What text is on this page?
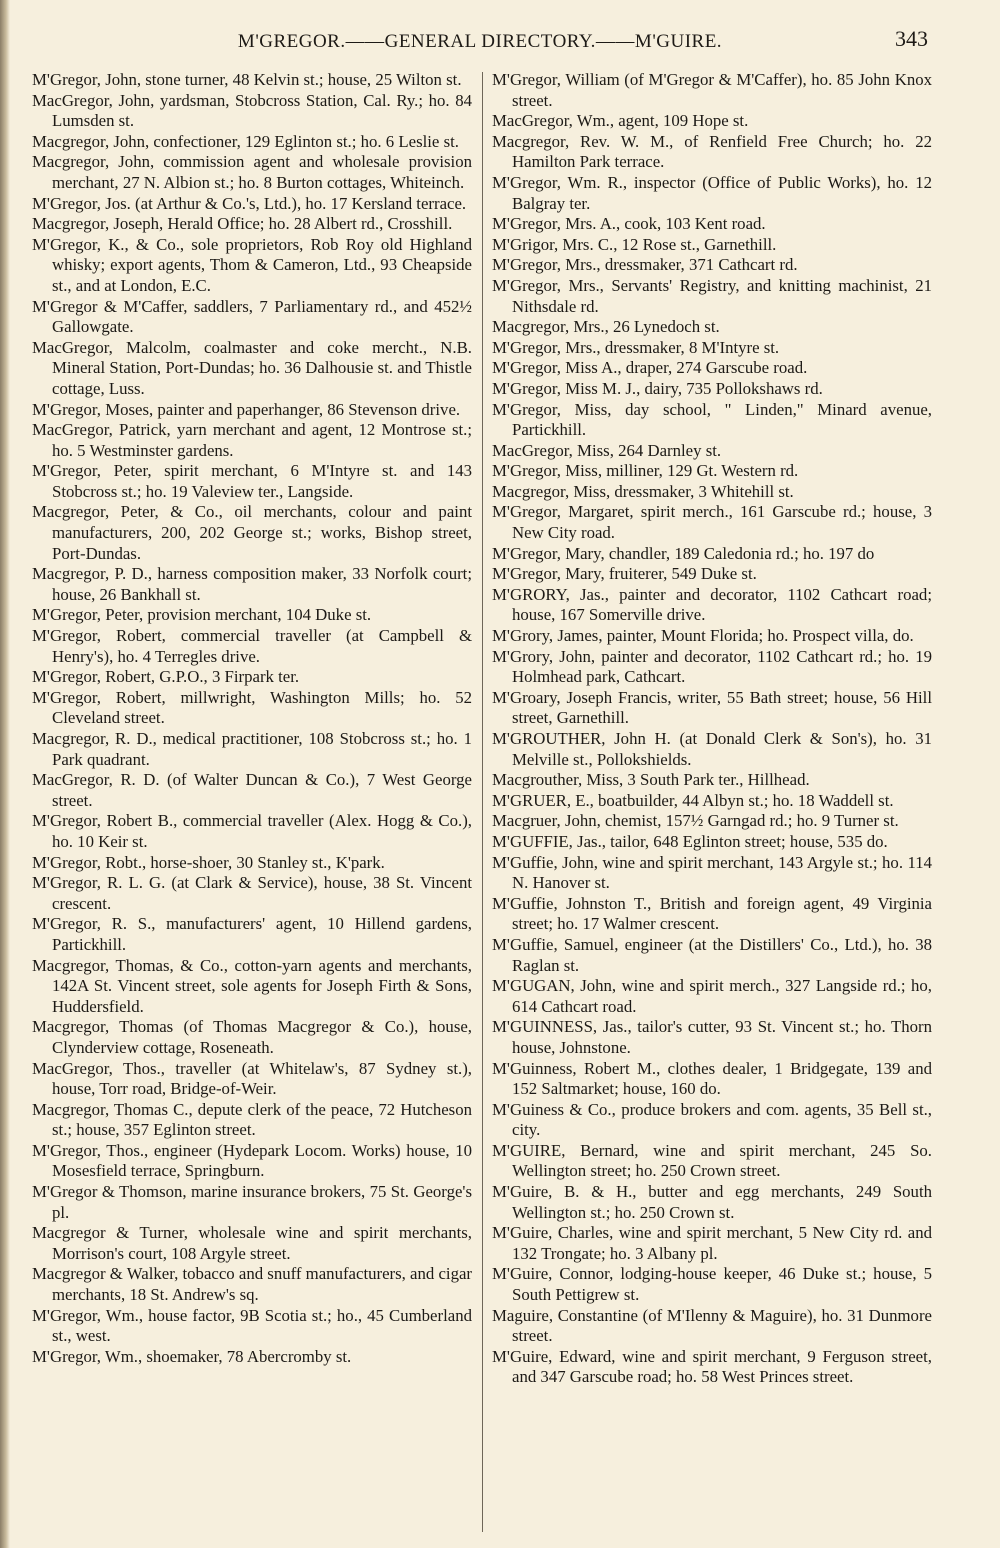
M'GREGOR.——GENERAL DIRECTORY.——M'GUIRE.	343

M'Gregor, John, stone turner, 48 Kelvin st.; house, 25 Wilton st.

MacGregor, John, yardsman, Stobcross Station, Cal. Ry.; ho. 84 Lumsden st.

Macgregor, John, confectioner, 129 Eglinton st.; ho. 6 Leslie st.

Macgregor, John, commission agent and wholesale provision merchant, 27 N. Albion st.; ho. 8 Burton cottages, Whiteinch.

M'Gregor, Jos. (at Arthur & Co.'s, Ltd.), ho. 17 Kersland terrace.

Macgregor, Joseph, Herald Office; ho. 28 Albert rd., Crosshill.

M'Gregor, K., & Co., sole proprietors, Rob Roy old Highland whisky; export agents, Thom & Cameron, Ltd., 93 Cheapside st., and at London, E.C.

M'Gregor & M'Caffer, saddlers, 7 Parliamentary rd., and 452½ Gallowgate.

MacGregor, Malcolm, coalmaster and coke mercht., N.B. Mineral Station, Port-Dundas; ho. 36 Dalhousie st. and Thistle cottage, Luss.

M'Gregor, Moses, painter and paperhanger, 86 Stevenson drive.

MacGregor, Patrick, yarn merchant and agent, 12 Montrose st.; ho. 5 Westminster gardens.

M'Gregor, Peter, spirit merchant, 6 M'Intyre st. and 143 Stobcross st.; ho. 19 Valeview ter., Langside.

Macgregor, Peter, & Co., oil merchants, colour and paint manufacturers, 200, 202 George st.; works, Bishop street, Port-Dundas.

Macgregor, P. D., harness composition maker, 33 Norfolk court; house, 26 Bankhall st.

M'Gregor, Peter, provision merchant, 104 Duke st.

M'Gregor, Robert, commercial traveller (at Campbell & Henry's), ho. 4 Terregles drive.

M'Gregor, Robert, G.P.O., 3 Firpark ter.

M'Gregor, Robert, millwright, Washington Mills; ho. 52 Cleveland street.

Macgregor, R. D., medical practitioner, 108 Stobcross st.; ho. 1 Park quadrant.

MacGregor, R. D. (of Walter Duncan & Co.), 7 West George street.

M'Gregor, Robert B., commercial traveller (Alex. Hogg & Co.), ho. 10 Keir st.

M'Gregor, Robt., horse-shoer, 30 Stanley st., K'park.

M'Gregor, R. L. G. (at Clark & Service), house, 38 St. Vincent crescent.

M'Gregor, R. S., manufacturers' agent, 10 Hillend gardens, Partickhill.

Macgregor, Thomas, & Co., cotton-yarn agents and merchants, 142A St. Vincent street, sole agents for Joseph Firth & Sons, Huddersfield.

Macgregor, Thomas (of Thomas Macgregor & Co.), house, Clynderview cottage, Roseneath.

MacGregor, Thos., traveller (at Whitelaw's, 87 Sydney st.), house, Torr road, Bridge-of-Weir.

Macgregor, Thomas C., depute clerk of the peace, 72 Hutcheson st.; house, 357 Eglinton street.

M'Gregor, Thos., engineer (Hydepark Locom. Works) house, 10 Mosesfield terrace, Springburn.

M'Gregor & Thomson, marine insurance brokers, 75 St. George's pl.

Macgregor & Turner, wholesale wine and spirit merchants, Morrison's court, 108 Argyle street.

Macgregor & Walker, tobacco and snuff manufacturers, and cigar merchants, 18 St. Andrew's sq.

M'Gregor, Wm., house factor, 9B Scotia st.; ho., 45 Cumberland st., west.

M'Gregor, Wm., shoemaker, 78 Abercromby st.

M'Gregor, William (of M'Gregor & M'Caffer), ho. 85 John Knox street.

MacGregor, Wm., agent, 109 Hope st.

Macgregor, Rev. W. M., of Renfield Free Church; ho. 22 Hamilton Park terrace.

M'Gregor, Wm. R., inspector (Office of Public Works), ho. 12 Balgray ter.

M'Gregor, Mrs. A., cook, 103 Kent road.

M'Grigor, Mrs. C., 12 Rose st., Garnethill.

M'Gregor, Mrs., dressmaker, 371 Cathcart rd.

M'Gregor, Mrs., Servants' Registry, and knitting machinist, 21 Nithsdale rd.

Macgregor, Mrs., 26 Lynedoch st.

M'Gregor, Mrs., dressmaker, 8 M'Intyre st.

M'Gregor, Miss A., draper, 274 Garscube road.

M'Gregor, Miss M. J., dairy, 735 Pollokshaws rd.

M'Gregor, Miss, day school, " Linden," Minard avenue, Partickhill.

MacGregor, Miss, 264 Darnley st.

M'Gregor, Miss, milliner, 129 Gt. Western rd.

Macgregor, Miss, dressmaker, 3 Whitehill st.

M'Gregor, Margaret, spirit merch., 161 Garscube rd.; house, 3 New City road.

M'Gregor, Mary, chandler, 189 Caledonia rd.; ho. 197 do

M'Gregor, Mary, fruiterer, 549 Duke st.

M'GRORY, Jas., painter and decorator, 1102 Cathcart road; house, 167 Somerville drive.

M'Grory, James, painter, Mount Florida; ho. Prospect villa, do.

M'Grory, John, painter and decorator, 1102 Cathcart rd.; ho. 19 Holmhead park, Cathcart.

M'Groary, Joseph Francis, writer, 55 Bath street; house, 56 Hill street, Garnethill.

M'GROUTHER, John H. (at Donald Clerk & Son's), ho. 31 Melville st., Pollokshields.

Macgrouther, Miss, 3 South Park ter., Hillhead.

M'GRUER, E., boatbuilder, 44 Albyn st.; ho. 18 Waddell st.

Macgruer, John, chemist, 157½ Garngad rd.; ho. 9 Turner st.

M'GUFFIE, Jas., tailor, 648 Eglinton street; house, 535 do.

M'Guffie, John, wine and spirit merchant, 143 Argyle st.; ho. 114 N. Hanover st.

M'Guffie, Johnston T., British and foreign agent, 49 Virginia street; ho. 17 Walmer crescent.

M'Guffie, Samuel, engineer (at the Distillers' Co., Ltd.), ho. 38 Raglan st.

M'GUGAN, John, wine and spirit merch., 327 Langside rd.; ho, 614 Cathcart road.

M'GUINNESS, Jas., tailor's cutter, 93 St. Vincent st.; ho. Thorn house, Johnstone.

M'Guinness, Robert M., clothes dealer, 1 Bridgegate, 139 and 152 Saltmarket; house, 160 do.

M'Guiness & Co., produce brokers and com. agents, 35 Bell st., city.

M'GUIRE, Bernard, wine and spirit merchant, 245 So. Wellington street; ho. 250 Crown street.

M'Guire, B. & H., butter and egg merchants, 249 South Wellington st.; ho. 250 Crown st.

M'Guire, Charles, wine and spirit merchant, 5 New City rd. and 132 Trongate; ho. 3 Albany pl.

M'Guire, Connor, lodging-house keeper, 46 Duke st.; house, 5 South Pettigrew st.

Maguire, Constantine (of M'Ilenny & Maguire), ho. 31 Dunmore street.

M'Guire, Edward, wine and spirit merchant, 9 Ferguson street, and 347 Garscube road; ho. 58 West Princes street.
